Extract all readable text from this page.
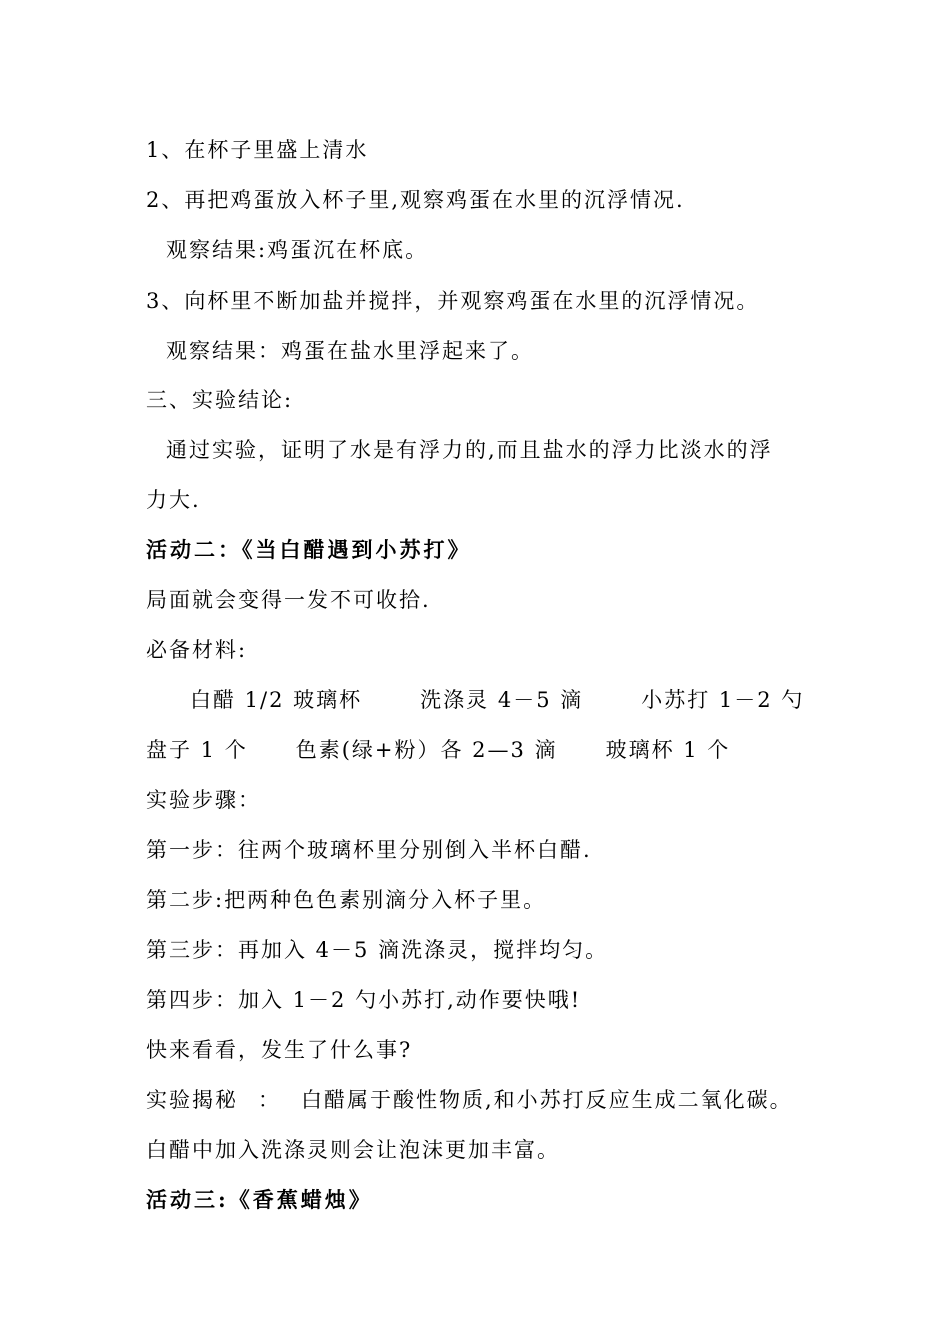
1、在杯子里盛上清水
2、再把鸡蛋放入杯子里,观察鸡蛋在水里的沉浮情况.
观察结果:鸡蛋沉在杯底。
3、向杯里不断加盐并搅拌，并观察鸡蛋在水里的沉浮情况。
观察结果：鸡蛋在盐水里浮起来了。
三、实验结论:
通过实验，证明了水是有浮力的,而且盐水的浮力比淡水的浮
力大.
活动二：《当白醋遇到小苏打》
局面就会变得一发不可收拾.
必备材料:
白醋 1/2 玻璃杯	洗涤灵 4－5 滴	小苏打 1－2 勺
盘子 1 个 色素(绿+粉）各 2—3 滴 玻璃杯 1 个
实验步骤：
第一步：往两个玻璃杯里分别倒入半杯白醋.
第二步:把两种色色素别滴分入杯子里。
第三步：再加入 4－5 滴洗涤灵，搅拌均匀。
第四步：加入 1－2 勺小苏打,动作要快哦!
快来看看，发生了什么事?
实验揭秘 ： 白醋属于酸性物质,和小苏打反应生成二氧化碳。
白醋中加入洗涤灵则会让泡沫更加丰富。
活动三:《香蕉蜡烛》
